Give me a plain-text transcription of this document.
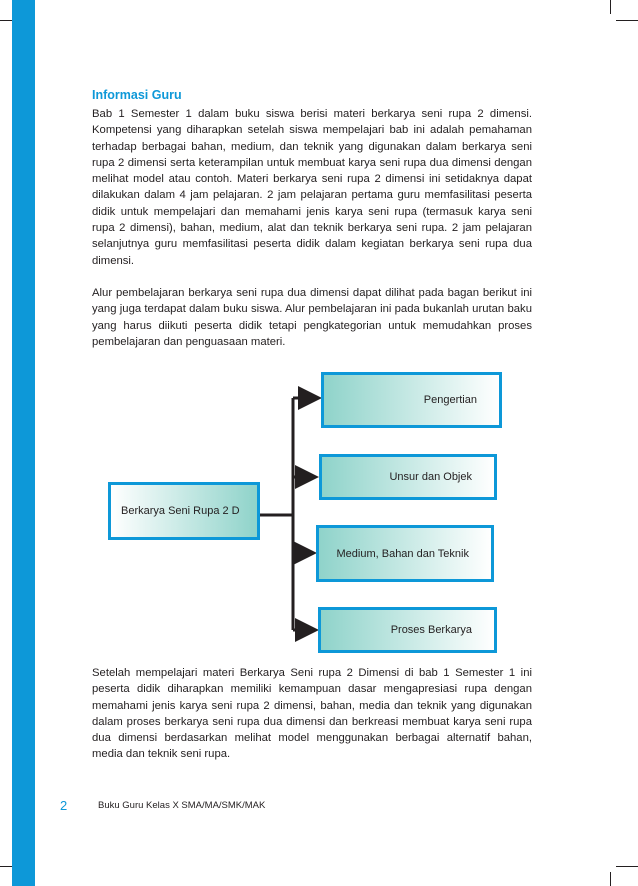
Informasi Guru

Bab 1 Semester 1 dalam buku siswa berisi materi berkarya seni rupa 2 dimensi. Kompetensi yang diharapkan setelah siswa mempelajari bab ini adalah pemahaman terhadap berbagai bahan, medium, dan teknik yang digunakan dalam berkarya seni rupa 2 dimensi serta keterampilan untuk membuat karya seni rupa dua dimensi dengan melihat model atau contoh. Materi berkarya seni rupa 2 dimensi ini setidaknya dapat dilakukan dalam 4 jam pelajaran. 2 jam pelajaran pertama guru memfasilitasi peserta didik untuk mempelajari dan memahami jenis karya seni rupa (termasuk karya seni rupa 2 dimensi), bahan, medium, alat dan teknik berkarya seni rupa. 2 jam pelajaran selanjutnya guru memfasilitasi peserta didik dalam kegiatan berkarya seni rupa dua dimensi.

Alur pembelajaran berkarya seni rupa dua dimensi dapat dilihat pada bagan berikut ini yang juga terdapat dalam buku siswa. Alur pembelajaran ini pada bukanlah urutan baku yang harus diikuti peserta didik tetapi pengkategorian untuk memudahkan proses pembelajaran dan penguasaan materi.

Berkarya Seni Rupa 2 D
Pengertian
Unsur dan Objek
Medium, Bahan dan Teknik
Proses Berkarya

Setelah mempelajari materi Berkarya Seni rupa 2 Dimensi di bab 1 Semester 1 ini peserta didik diharapkan memiliki kemampuan dasar mengapresiasi rupa dengan memahami jenis karya seni rupa 2 dimensi, bahan, media dan teknik yang digunakan dalam proses berkarya seni rupa dua dimensi dan berkreasi membuat karya seni rupa dua dimensi berdasarkan melihat model menggunakan berbagai alternatif bahan, media dan teknik seni rupa.

2	Buku Guru Kelas X SMA/MA/SMK/MAK
